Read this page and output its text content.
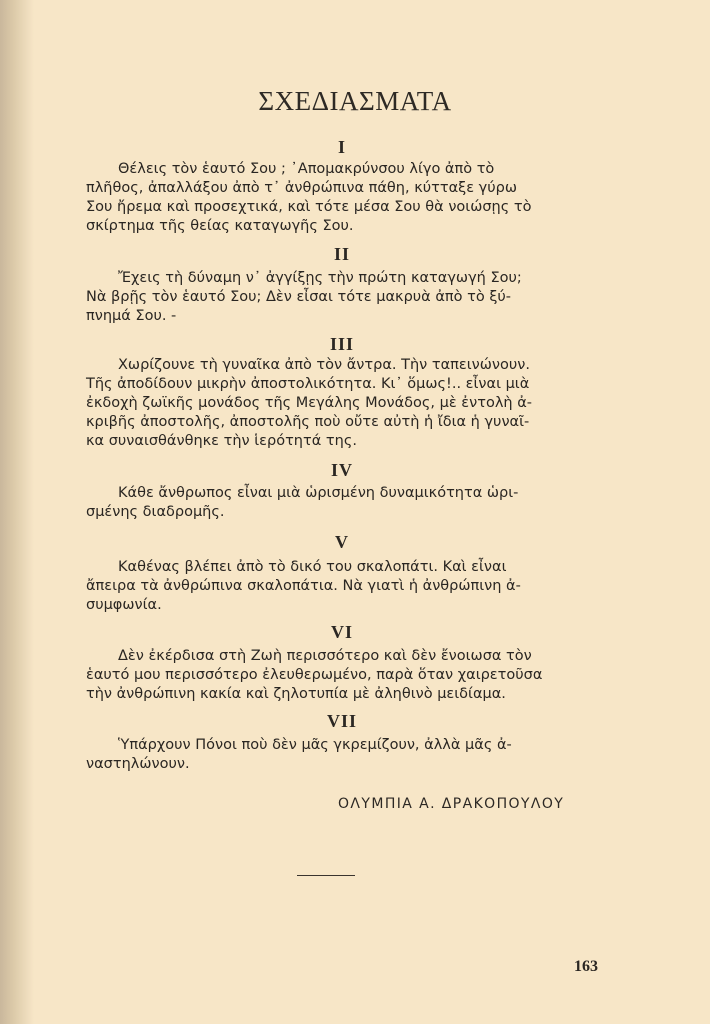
ΣΧΕΔΙΑΣΜΑΤΑ
I
Θέλεις τὸν ἑαυτό Σου ; ᾿Απομακρύνσου λίγο ἀπὸ τὸ
πλῆθος, ἀπαλλάξου ἀπὸ τ᾿ ἀνθρώπινα πάθη, κύτταξε γύρω
Σου ἤρεμα καὶ προσεχτικά, καὶ τότε μέσα Σου θὰ νοιώσῃς τὸ
σκίρτημα τῆς θείας καταγωγῆς Σου.
II
Ἔχεις τὴ δύναμη ν᾿ ἀγγίξῃς τὴν πρώτη καταγωγή Σου;
Νὰ βρῇς τὸν ἑαυτό Σου; Δὲν εἶσαι τότε μακρυὰ ἀπὸ τὸ ξύ-
πνημά Σου. -
III
Χωρίζουνε τὴ γυναῖκα ἀπὸ τὸν ἄντρα. Τὴν ταπεινώνουν.
Τῆς ἀποδίδουν μικρὴν ἀποστολικότητα. Κι᾿ ὅμως!.. εἶναι μιὰ
ἐκδοχὴ ζωϊκῆς μονάδος τῆς Μεγάλης Μονάδος, μὲ ἐντολὴ ἀ-
κριβῆς ἀποστολῆς, ἀποστολῆς ποὺ οὔτε αὐτὴ ἡ ἴδια ἡ γυναῖ-
κα συναισθάνθηκε τὴν ἱερότητά της.
IV
Κάθε ἄνθρωπος εἶναι μιὰ ὡρισμένη δυναμικότητα ὡρι-
σμένης διαδρομῆς.
V
Καθένας βλέπει ἀπὸ τὸ δικό του σκαλοπάτι. Καὶ εἶναι
ἄπειρα τὰ ἀνθρώπινα σκαλοπάτια. Νὰ γιατὶ ἡ ἀνθρώπινη ἀ-
συμφωνία.
VI
Δὲν ἐκέρδισα στὴ Ζωὴ περισσότερο καὶ δὲν ἔνοιωσα τὸν
ἑαυτό μου περισσότερο ἐλευθερωμένο, παρὰ ὅταν χαιρετοῦσα
τὴν ἀνθρώπινη κακία καὶ ζηλοτυπία μὲ ἀληθινὸ μειδίαμα.
VII
Ὑπάρχουν Πόνοι ποὺ δὲν μᾶς γκρεμίζουν, ἀλλὰ μᾶς ἀ-
ναστηλώνουν.
ΟΛΥΜΠΙΑ Α. ΔΡΑΚΟΠΟΥΛΟΥ
163
